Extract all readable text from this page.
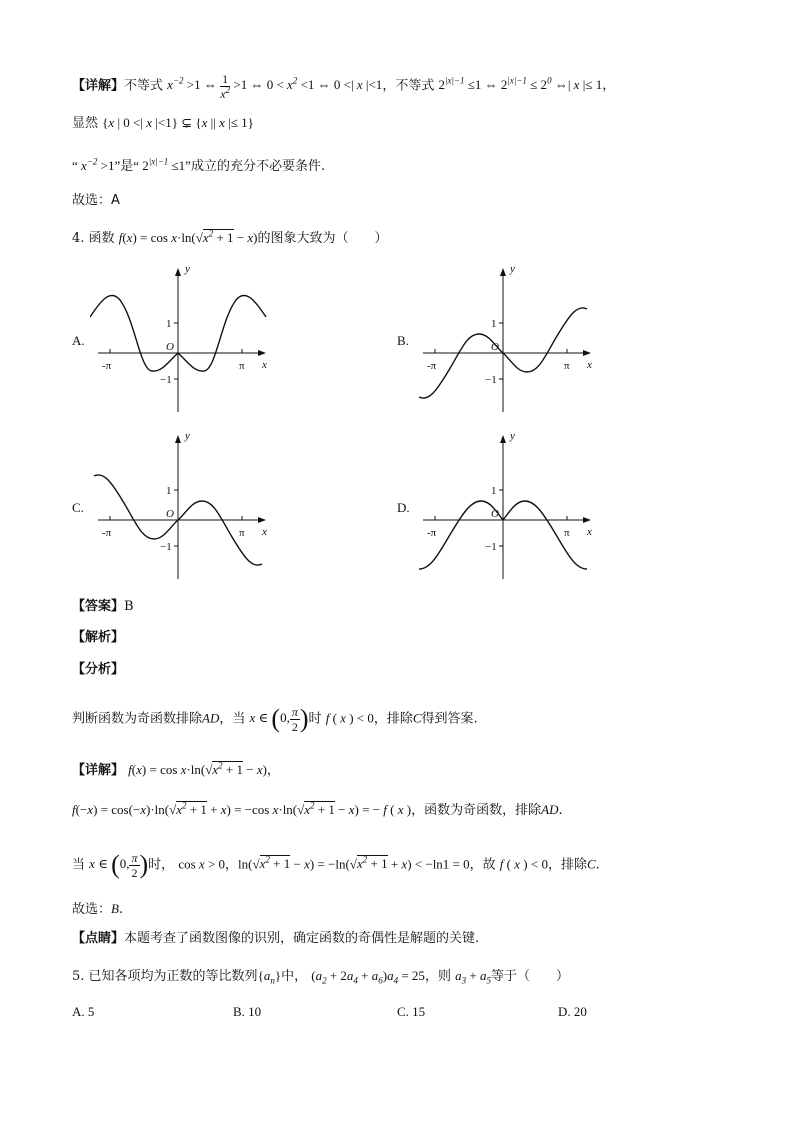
【详解】不等式 $x^{-2} >1$ ⇔ $\frac{1}{x^2} >1$ ⇔ $0 < x^2 <1$ ⇔ 0 <| x |<1，不等式 $2^{|x|-1} \le 1$ ⇔ $2^{|x|-1} \le 2^0$ ⇔| x |≤ 1，
显然 {x | 0 <| x |<1} ⊊ {x || x |≤ 1}
“ $x^{-2} >1$”是“ $2^{|x|-1} \le 1$”成立的充分不必要条件.
故选：A
4. 函数 $f(x) = \cos x\cdot\ln(√x^2 + 1 - x)$的图象大致为（　　）
A.
y
x
O
1
−1
-π	π
B.
y
x
O
1
−1
-π	π
C.
y
x
O
1
−1
-π	π
D.
y
x
O
1
−1
-π	π
【答案】B
【解析】
【分析】
判断函数为奇函数排除AD，当 x ∈ (0, $\frac{\pi}{2}$ )时 f ( x ) < 0，排除C得到答案.
【详解】 $f(x) = \cos x\cdot\ln(√x^2 + 1 - x)$，
$f(-x) = \cos(-x)\cdot\ln(√x^2 + 1 + x) = -\cos$ $x\cdot\ln(√x^2 + 1 - x)$ = − f ( x )，函数为奇函数，排除AD.
当 x ∈ (0, $\frac{\pi}{2}$ )时， cos x > 0，$\ln(√x^2 + 1 - x) = -\ln(√x^2 + 1 + x) < -\ln 1 = 0$，故 f ( x ) < 0，排除C.
故选：B.
【点睛】本题考查了函数图像的识别，确定函数的奇偶性是解题的关键.
5. 已知各项均为正数的等比数列$\{a_n\}$中， $(a_2 + 2a_4 + a_6)a_4 = 25$，则 $a_3 + a_5$等于（　　）
A. 5	B. 10	C. 15	D. 20
